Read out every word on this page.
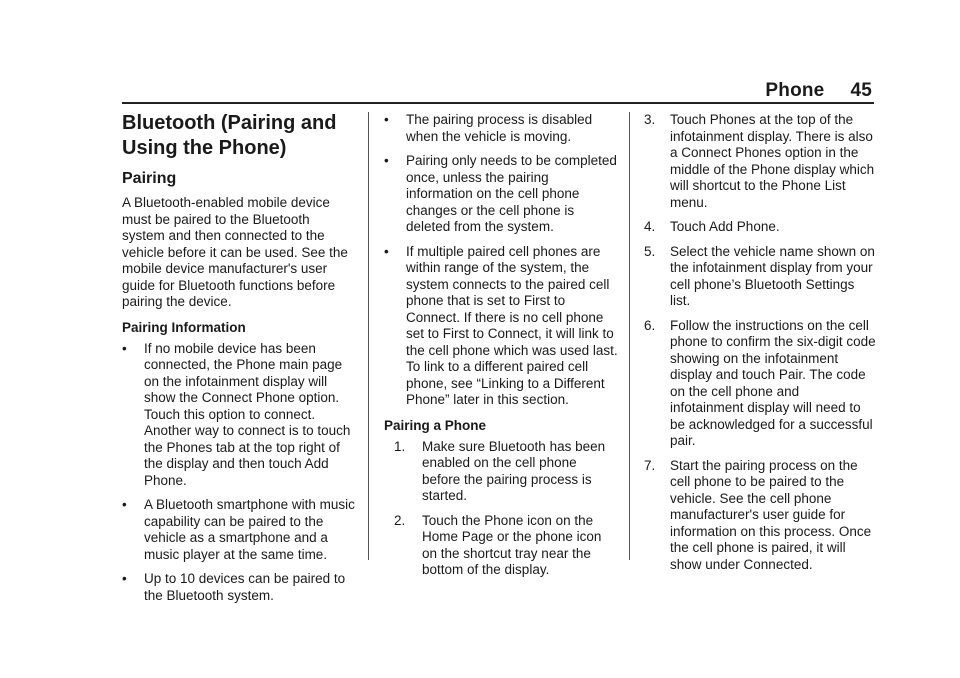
Phone 45
Bluetooth (Pairing and Using the Phone)
Pairing

A Bluetooth-enabled mobile device must be paired to the Bluetooth system and then connected to the vehicle before it can be used. See the mobile device manufacturer's user guide for Bluetooth functions before pairing the device.

Pairing Information
• If no mobile device has been connected, the Phone main page on the infotainment display will show the Connect Phone option. Touch this option to connect. Another way to connect is to touch the Phones tab at the top right of the display and then touch Add Phone.
• A Bluetooth smartphone with music capability can be paired to the vehicle as a smartphone and a music player at the same time.
• Up to 10 devices can be paired to the Bluetooth system.
• The pairing process is disabled when the vehicle is moving.
• Pairing only needs to be completed once, unless the pairing information on the cell phone changes or the cell phone is deleted from the system.
• If multiple paired cell phones are within range of the system, the system connects to the paired cell phone that is set to First to Connect. If there is no cell phone set to First to Connect, it will link to the cell phone which was used last. To link to a different paired cell phone, see “Linking to a Different Phone” later in this section.
Pairing a Phone
1. Make sure Bluetooth has been enabled on the cell phone before the pairing process is started.
2. Touch the Phone icon on the Home Page or the phone icon on the shortcut tray near the bottom of the display.
3. Touch Phones at the top of the infotainment display. There is also a Connect Phones option in the middle of the Phone display which will shortcut to the Phone List menu.
4. Touch Add Phone.
5. Select the vehicle name shown on the infotainment display from your cell phone’s Bluetooth Settings list.
6. Follow the instructions on the cell phone to confirm the six-digit code showing on the infotainment display and touch Pair. The code on the cell phone and infotainment display will need to be acknowledged for a successful pair.
7. Start the pairing process on the cell phone to be paired to the vehicle. See the cell phone manufacturer's user guide for information on this process. Once the cell phone is paired, it will show under Connected.
